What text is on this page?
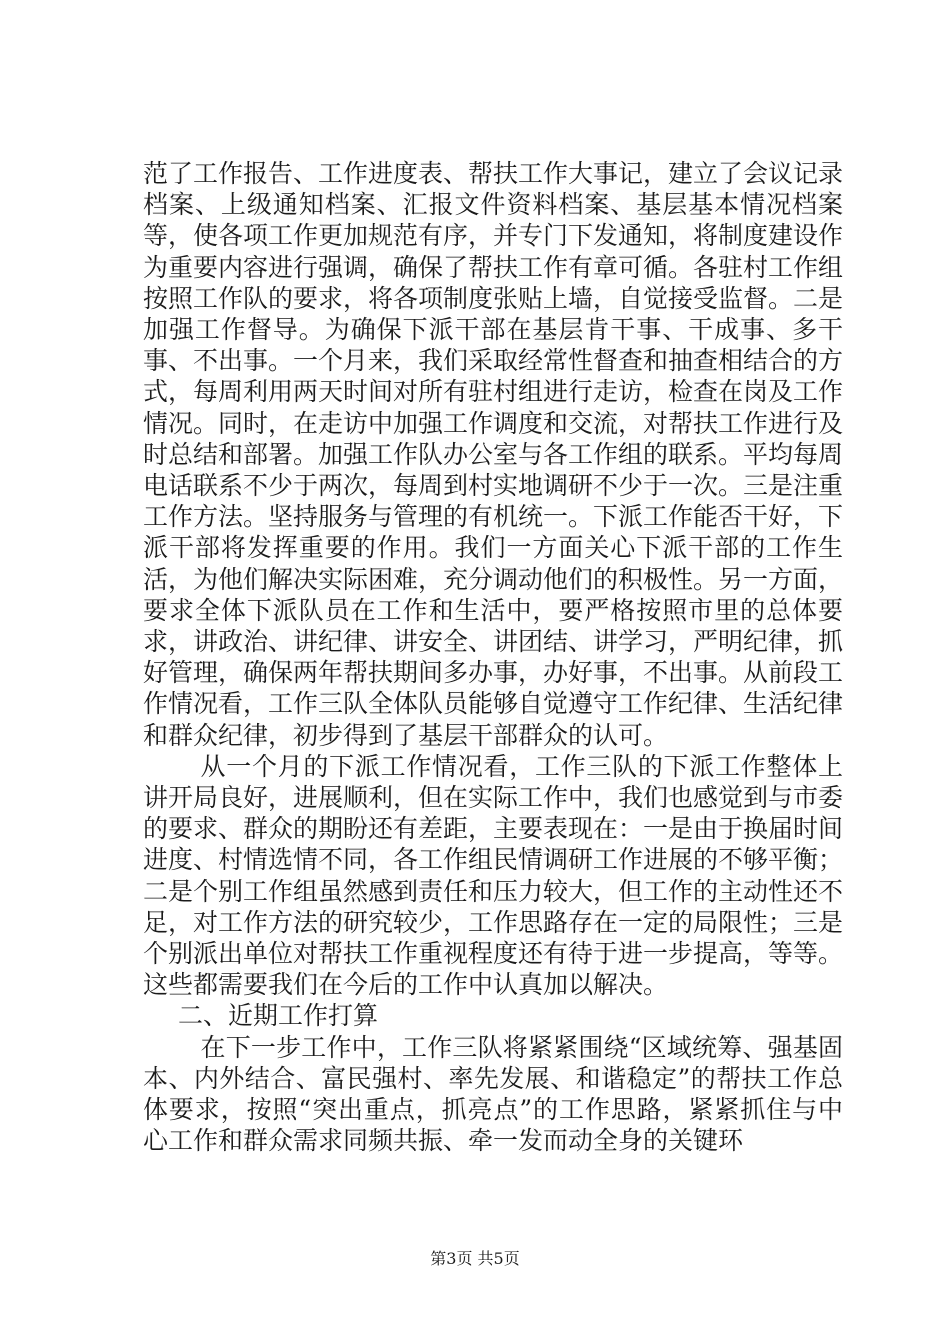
范了工作报告、工作进度表、帮扶工作大事记，建立了会议记录档案、上级通知档案、汇报文件资料档案、基层基本情况档案等，使各项工作更加规范有序，并专门下发通知，将制度建设作为重要内容进行强调，确保了帮扶工作有章可循。各驻村工作组按照工作队的要求，将各项制度张贴上墙，自觉接受监督。二是加强工作督导。为确保下派干部在基层肯干事、干成事、多干事、不出事。一个月来，我们采取经常性督查和抽查相结合的方式，每周利用两天时间对所有驻村组进行走访，检查在岗及工作情况。同时，在走访中加强工作调度和交流，对帮扶工作进行及时总结和部署。加强工作队办公室与各工作组的联系。平均每周电话联系不少于两次，每周到村实地调研不少于一次。三是注重工作方法。坚持服务与管理的有机统一。下派工作能否干好，下派干部将发挥重要的作用。我们一方面关心下派干部的工作生活，为他们解决实际困难，充分调动他们的积极性。另一方面，要求全体下派队员在工作和生活中，要严格按照市里的总体要求，讲政治、讲纪律、讲安全、讲团结、讲学习，严明纪律，抓好管理，确保两年帮扶期间多办事，办好事，不出事。从前段工作情况看，工作三队全体队员能够自觉遵守工作纪律、生活纪律和群众纪律，初步得到了基层干部群众的认可。

从一个月的下派工作情况看，工作三队的下派工作整体上讲开局良好，进展顺利，但在实际工作中，我们也感觉到与市委的要求、群众的期盼还有差距，主要表现在：一是由于换届时间进度、村情选情不同，各工作组民情调研工作进展的不够平衡；二是个别工作组虽然感到责任和压力较大，但工作的主动性还不足，对工作方法的研究较少，工作思路存在一定的局限性；三是个别派出单位对帮扶工作重视程度还有待于进一步提高，等等。这些都需要我们在今后的工作中认真加以解决。

二、近期工作打算

在下一步工作中，工作三队将紧紧围绕“区域统筹、强基固本、内外结合、富民强村、率先发展、和谐稳定”的帮扶工作总体要求，按照“突出重点，抓亮点”的工作思路，紧紧抓住与中心工作和群众需求同频共振、牵一发而动全身的关键环

第3页 共5页
